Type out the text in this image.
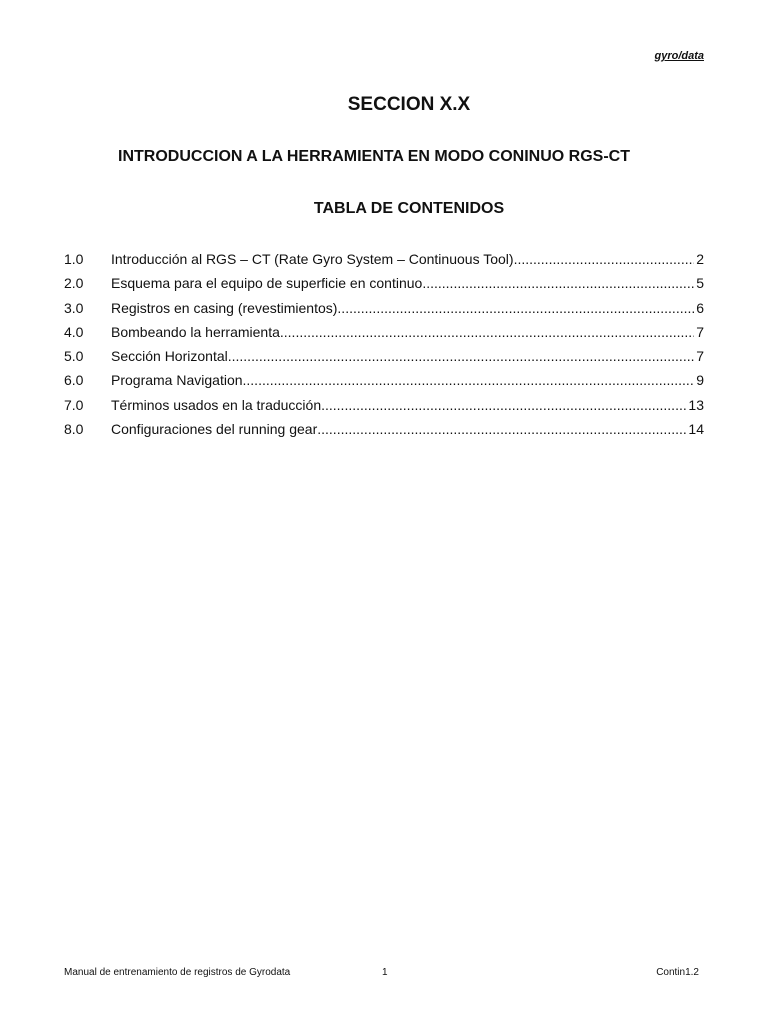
gyro/data
SECCION X.X
INTRODUCCION A LA HERRAMIENTA EN MODO CONINUO RGS-CT
TABLA DE CONTENIDOS
1.0	Introducción al RGS – CT (Rate Gyro System – Continuous Tool) .....	2
2.0	Esquema para el equipo de superficie en continuo .....	5
3.0	Registros en casing (revestimientos) .....	6
4.0	Bombeando la herramienta .....	7
5.0	Sección Horizontal .....	7
6.0	Programa Navigation .....	9
7.0	Términos usados en la traducción .....	13
8.0	Configuraciones del running gear .....	14
Manual de entrenamiento de registros de Gyrodata	1	Contin1.2
